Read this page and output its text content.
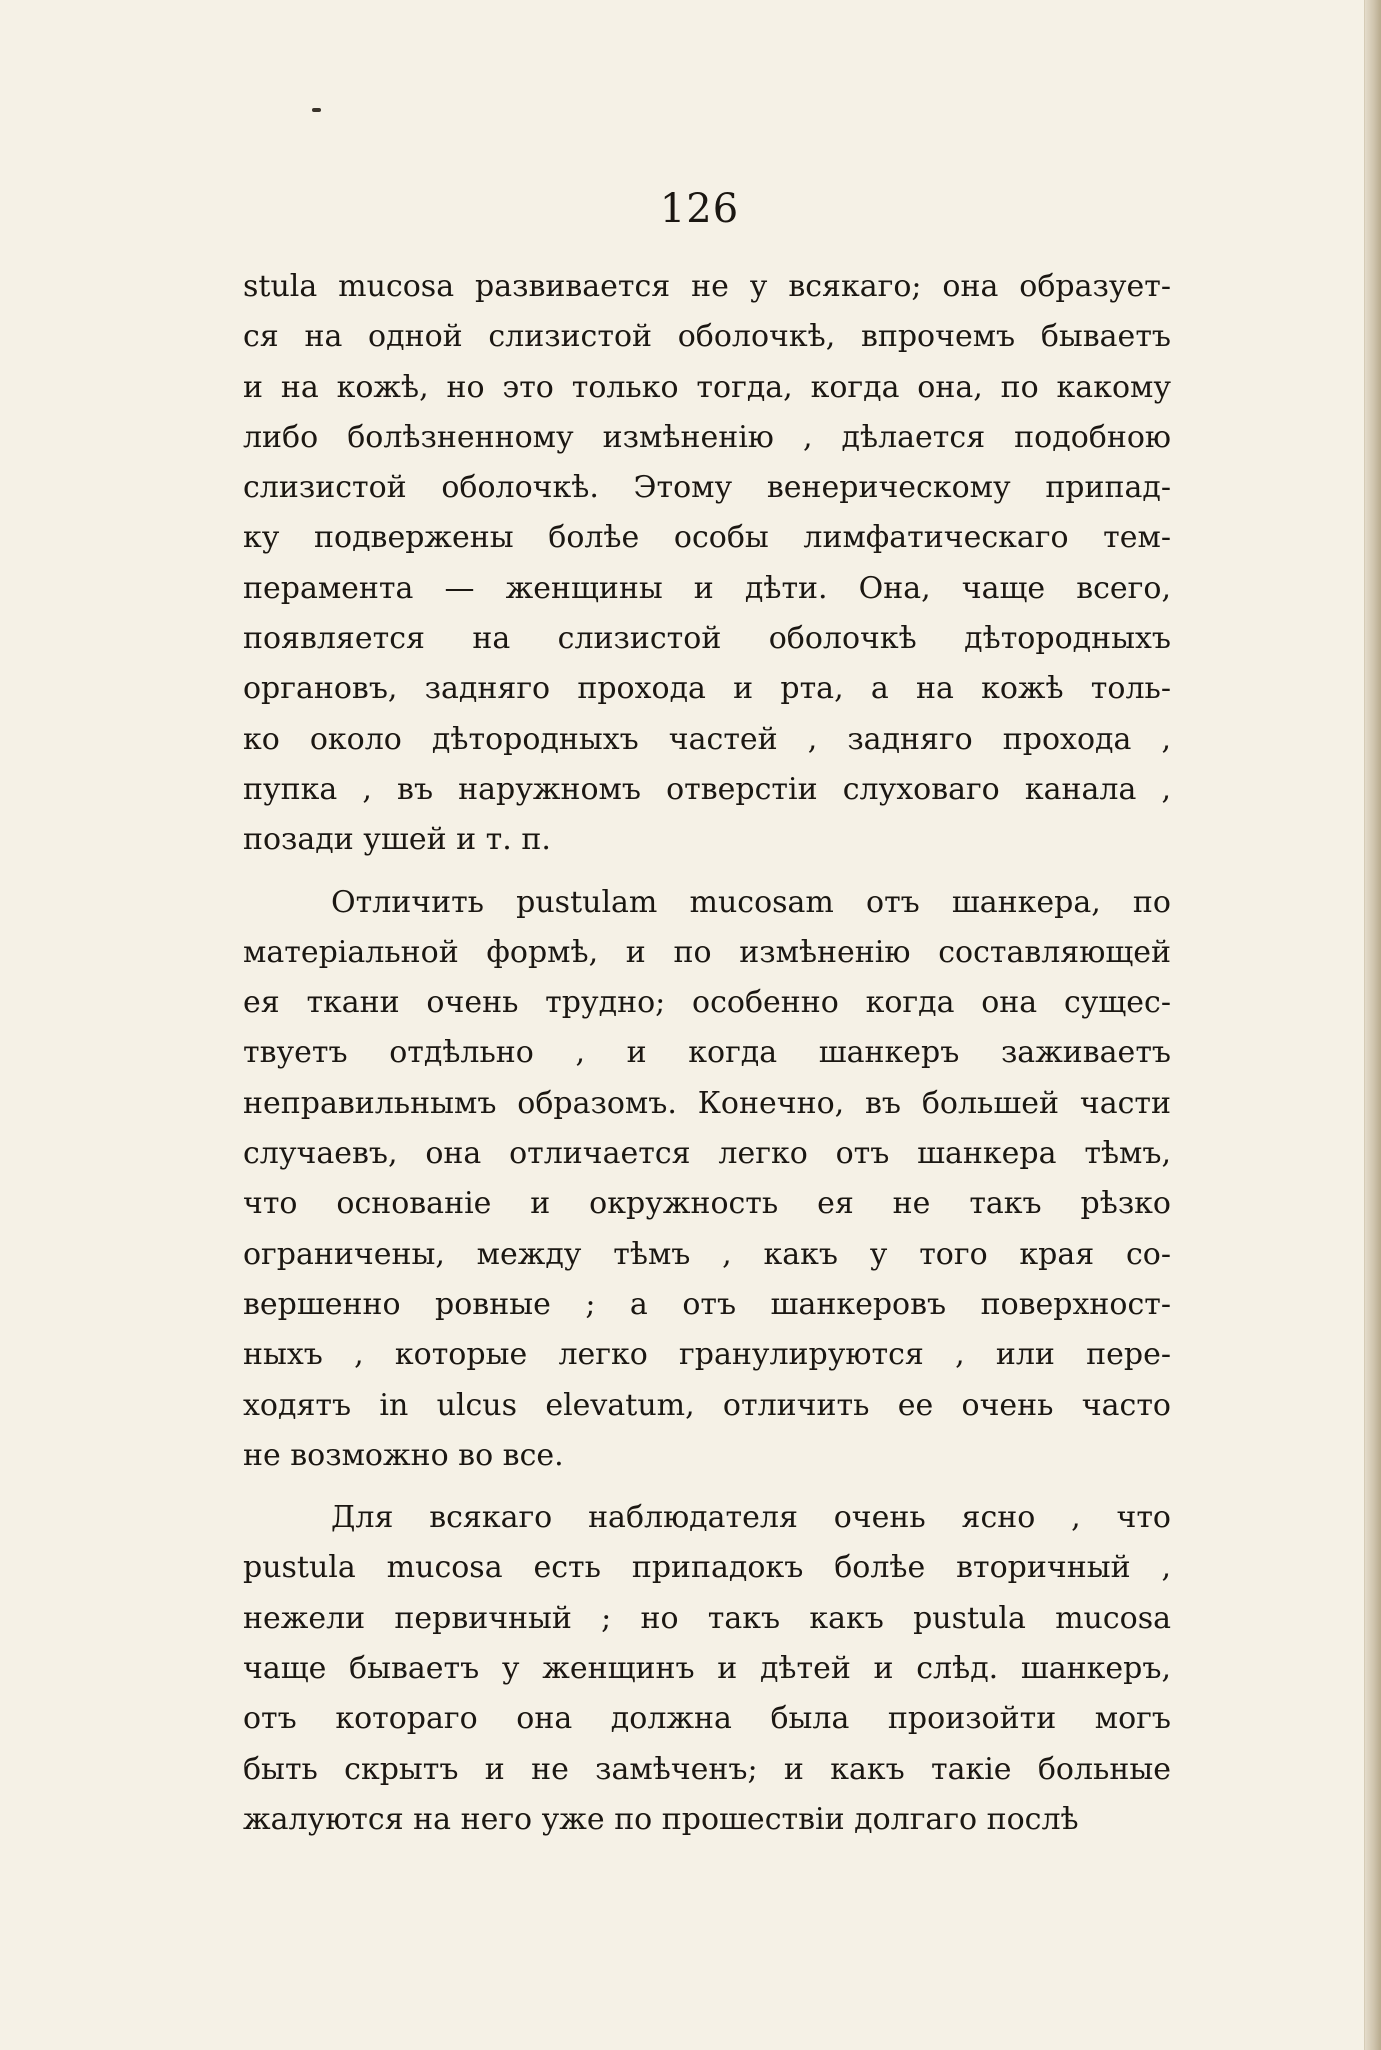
126
stula mucosa развивается не у всякаго; она образует-
ся на одной слизистой оболочкѣ, впрочемъ бываетъ
и на кожѣ, но это только тогда, когда она, по какому
либо болѣзненному измѣненію , дѣлается подобною
слизистой оболочкѣ. Этому венерическому припад-
ку подвержены болѣе особы лимфатическаго тем-
перамента — женщины и дѣти. Она, чаще всего,
появляется на слизистой оболочкѣ дѣтородныхъ
органовъ, задняго прохода и рта, а на кожѣ толь-
ко около дѣтородныхъ частей , задняго прохода ,
пупка , въ наружномъ отверстіи слуховаго канала ,
позади ушей и т. п.
Отличить pustulam mucosam отъ шанкера, по
матеріальной формѣ, и по измѣненію составляющей
ея ткани очень трудно; особенно когда она сущес-
твуетъ отдѣльно , и когда шанкеръ заживаетъ
неправильнымъ образомъ. Конечно, въ большей части
случаевъ, она отличается легко отъ шанкера тѣмъ,
что основаніе и окружность ея не такъ рѣзко
ограничены, между тѣмъ , какъ у того края со-
вершенно ровные ; а отъ шанкеровъ поверхност-
ныхъ , которые легко гранулируются , или пере-
ходятъ in ulcus elevatum, отличить ее очень часто
не возможно во все.
Для всякаго наблюдателя очень ясно , что
pustula mucosa есть припадокъ болѣе вторичный ,
нежели первичный ; но такъ какъ pustula mucosa
чаще бываетъ у женщинъ и дѣтей и слѣд. шанкеръ,
отъ котораго она должна была произойти могъ
быть скрытъ и не замѣченъ; и какъ такіе больные
жалуются на него уже по прошествіи долгаго послѣ
